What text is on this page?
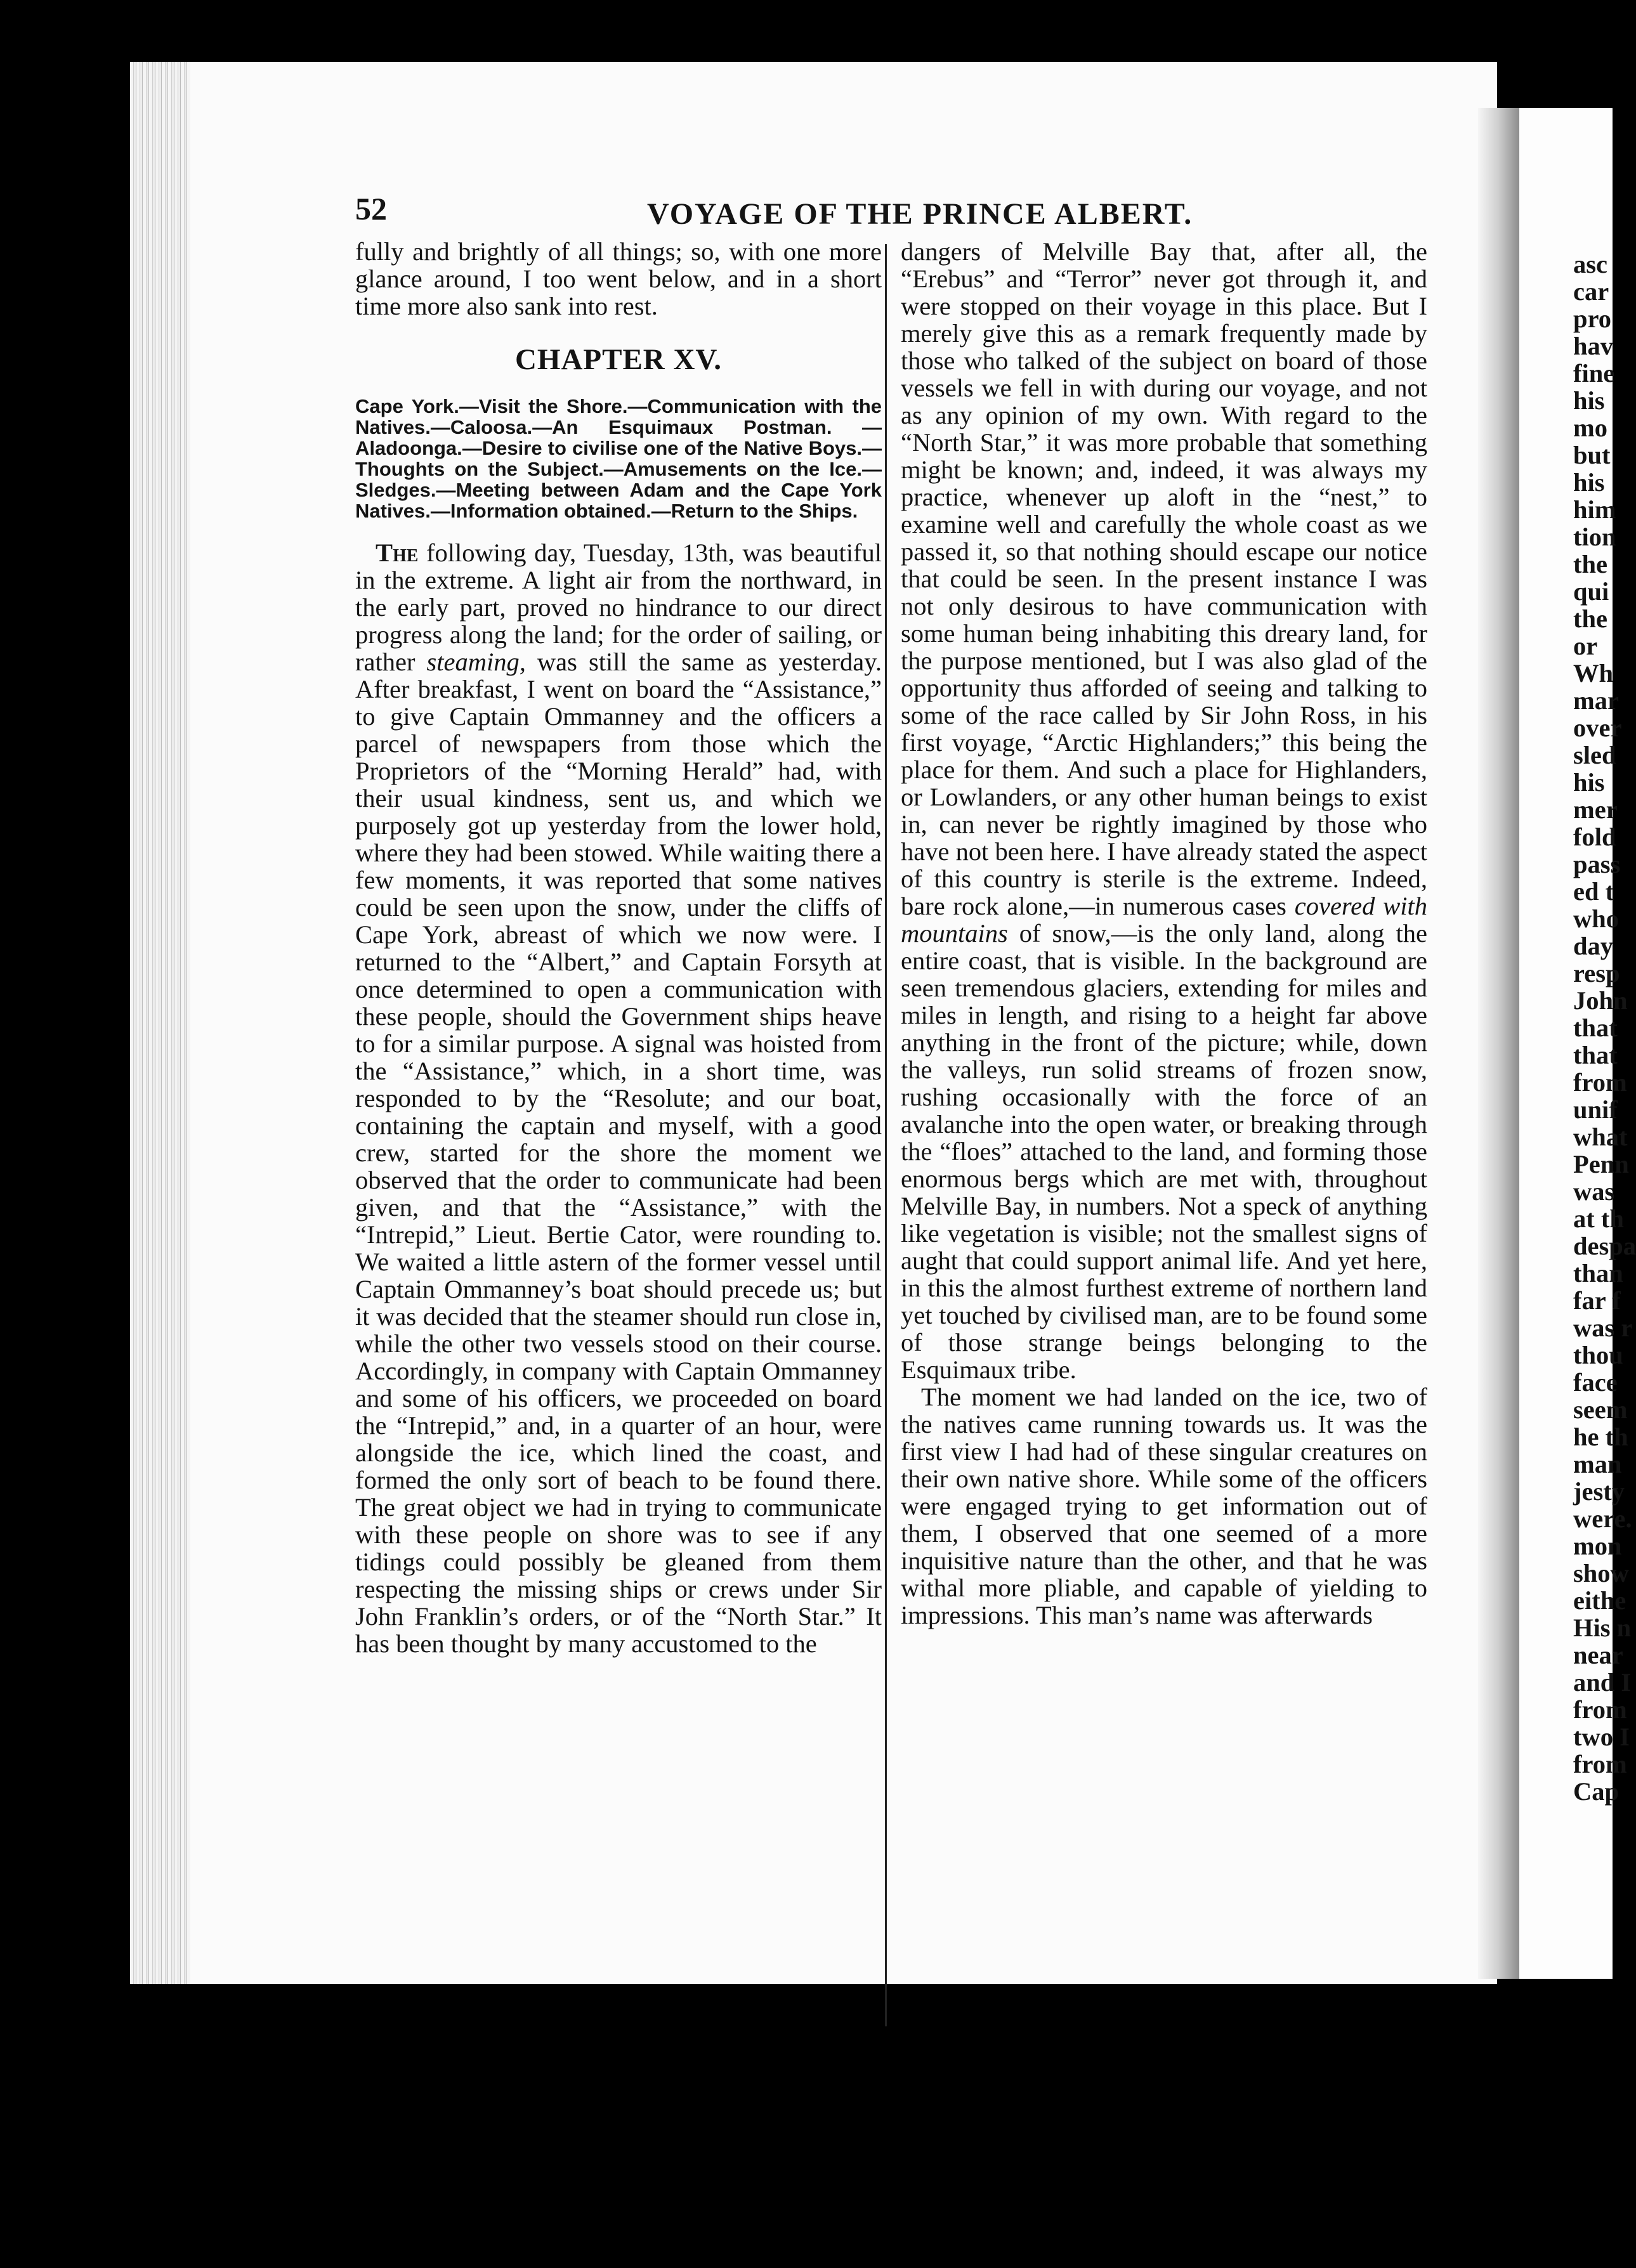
52	VOYAGE OF THE PRINCE ALBERT.

fully and brightly of all things; so, with one more glance around, I too went below, and in a short time more also sank into rest.

CHAPTER XV.

Cape York.—Visit the Shore.—Communication with the Natives.—Caloosa.—An Esquimaux Postman. —Aladoonga.—Desire to civilise one of the Native Boys.—Thoughts on the Subject.—Amusements on the Ice.—Sledges.—Meeting between Adam and the Cape York Natives.—Information obtained.—Return to the Ships.

The following day, Tuesday, 13th, was beautiful in the extreme. A light air from the northward, in the early part, proved no hindrance to our direct progress along the land; for the order of sailing, or rather steaming, was still the same as yesterday. After breakfast, I went on board the “Assistance,” to give Captain Ommanney and the officers a parcel of newspapers from those which the Proprietors of the “Morning Herald” had, with their usual kindness, sent us, and which we purposely got up yesterday from the lower hold, where they had been stowed. While waiting there a few moments, it was reported that some natives could be seen upon the snow, under the cliffs of Cape York, abreast of which we now were. I returned to the “Albert,” and Captain Forsyth at once determined to open a communication with these people, should the Government ships heave to for a similar purpose. A signal was hoisted from the “Assistance,” which, in a short time, was responded to by the “Resolute; and our boat, containing the captain and myself, with a good crew, started for the shore the moment we observed that the order to communicate had been given, and that the “Assistance,” with the “Intrepid,” Lieut. Bertie Cator, were rounding to. We waited a little astern of the former vessel until Captain Ommanney’s boat should precede us; but it was decided that the steamer should run close in, while the other two vessels stood on their course. Accordingly, in company with Captain Ommanney and some of his officers, we proceeded on board the “Intrepid,” and, in a quarter of an hour, were alongside the ice, which lined the coast, and formed the only sort of beach to be found there. The great object we had in trying to communicate with these people on shore was to see if any tidings could possibly be gleaned from them respecting the missing ships or crews under Sir John Franklin’s orders, or of the “North Star.” It has been thought by many accustomed to the

dangers of Melville Bay that, after all, the “Erebus” and “Terror” never got through it, and were stopped on their voyage in this place. But I merely give this as a remark frequently made by those who talked of the subject on board of those vessels we fell in with during our voyage, and not as any opinion of my own. With regard to the “North Star,” it was more probable that something might be known; and, indeed, it was always my practice, whenever up aloft in the “nest,” to examine well and carefully the whole coast as we passed it, so that nothing should escape our notice that could be seen. In the present instance I was not only desirous to have communication with some human being inhabiting this dreary land, for the purpose mentioned, but I was also glad of the opportunity thus afforded of seeing and talking to some of the race called by Sir John Ross, in his first voyage, “Arctic Highlanders;” this being the place for them. And such a place for Highlanders, or Lowlanders, or any other human beings to exist in, can never be rightly imagined by those who have not been here. I have already stated the aspect of this country is sterile is the extreme. Indeed, bare rock alone,—in numerous cases covered with mountains of snow,—is the only land, along the entire coast, that is visible. In the background are seen tremendous glaciers, extending for miles and miles in length, and rising to a height far above anything in the front of the picture; while, down the valleys, run solid streams of frozen snow, rushing occasionally with the force of an avalanche into the open water, or breaking through the “floes” attached to the land, and forming those enormous bergs which are met with, throughout Melville Bay, in numbers. Not a speck of anything like vegetation is visible; not the smallest signs of aught that could support animal life. And yet here, in this the almost furthest extreme of northern land yet touched by civilised man, are to be found some of those strange beings belonging to the Esquimaux tribe.

The moment we had landed on the ice, two of the natives came running towards us. It was the first view I had had of these singular creatures on their own native shore. While some of the officers were engaged trying to get information out of them, I observed that one seemed of a more inquisitive nature than the other, and that he was withal more pliable, and capable of yielding to impressions. This man’s name was afterwards

asc
car
pro
hav
fine
his
mo
but
his
him
tion
the
qui
the
or
Wh
mar
over
sled
his
mer
fold
pass
ed t
who
day
resp
John
that
that
from
unif
what
Penn
was
at th
despa
than
far f
was r
thou
face
seem
he th
man
jesty
were.
mon
show
eithe
His n
near
and I
from
two I
from
Cap
